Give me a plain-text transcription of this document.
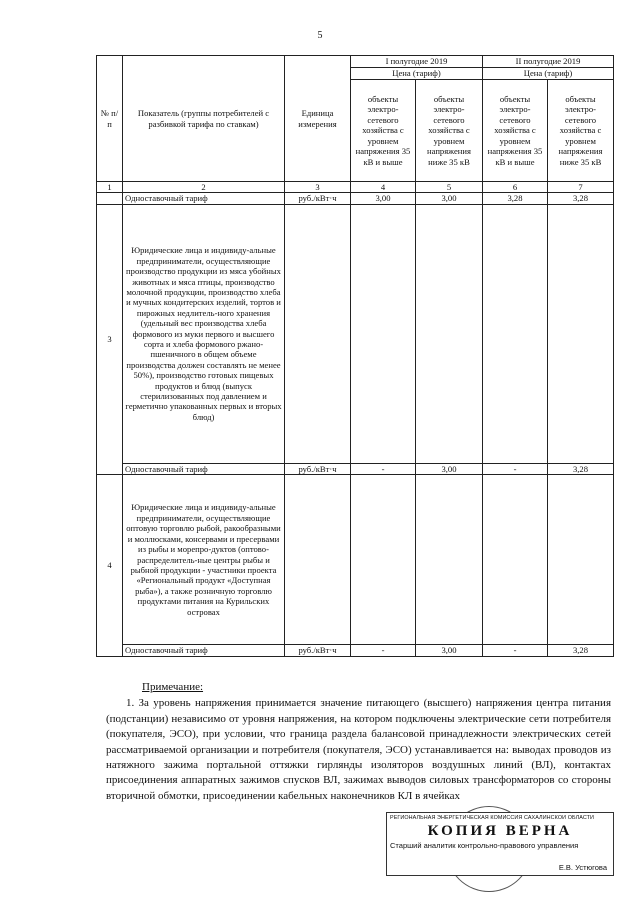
5
№ п/ п	Показатель (группы потребителей с разбивкой тарифа по ставкам)	Единица измерения	I полугодие 2019		II полугодие 2019	
			Цена (тариф)		Цена (тариф)	
			объекты электро-сетевого хозяйства с уровнем напряжения 35 кВ и выше	объекты электро-сетевого хозяйства с уровнем напряжения ниже 35 кВ	объекты электро-сетевого хозяйства с уровнем напряжения 35 кВ и выше	объекты электро-сетевого хозяйства с уровнем напряжения ниже 35 кВ
1	2	3	4	5	6	7
	Одноставочный тариф	руб./кВт·ч	3,00	3,00	3,28	3,28
3	Юридические лица и индивиду-альные предприниматели, осуществляющие производство продукции из мяса убойных животных и мяса птицы, производство молочной продукции, производство хлеба и мучных кондитерских изделий, тортов и пирожных недлитель-ного хранения (удельный вес производства хлеба формового из муки первого и высшего сорта и хлеба формового ржано-пшеничного в общем объеме производства должен составлять не менее 50%), производство готовых пищевых продуктов и блюд (выпуск стерилизованных под давлением и герметично упакованных первых и вторых блюд)					
	Одноставочный тариф	руб./кВт·ч	-	3,00	-	3,28
4	Юридические лица и индивиду-альные предприниматели, осуществляющие оптовую торговлю рыбой, ракообразными и моллюсками, консервами и пресервами из рыбы и морепро-дуктов (оптово-распределитель-ные центры рыбы и рыбной продукции - участники проекта «Региональный продукт «Доступная рыба»), а также розничную торговлю продуктами питания на Курильских островах					
	Одноставочный тариф	руб./кВт·ч	-	3,00	-	3,28
Примечание:

1. За уровень напряжения принимается значение питающего (высшего) напряжения центра питания (подстанции) независимо от уровня напряжения, на котором подключены электрические сети потребителя (покупателя, ЭСО), при условии, что граница раздела балансовой принадлежности электрических сетей рассматриваемой организации и потребителя (покупателя, ЭСО) устанавливается на: выводах проводов из натяжного зажима портальной оттяжки гирлянды изоляторов воздушных линий (ВЛ), контактах присоединения аппаратных зажимов спусков ВЛ, зажимах выводов силовых трансформаторов со стороны вторичной обмотки, присоединении кабельных наконечников КЛ в ячейках

РЕГИОНАЛЬНАЯ ЭНЕРГЕТИЧЕСКАЯ КОМИССИЯ САХАЛИНСКОЙ ОБЛАСТИ
КОПИЯ ВЕРНА
Старший аналитик контрольно-правового управления
Е.В. Устюгова
